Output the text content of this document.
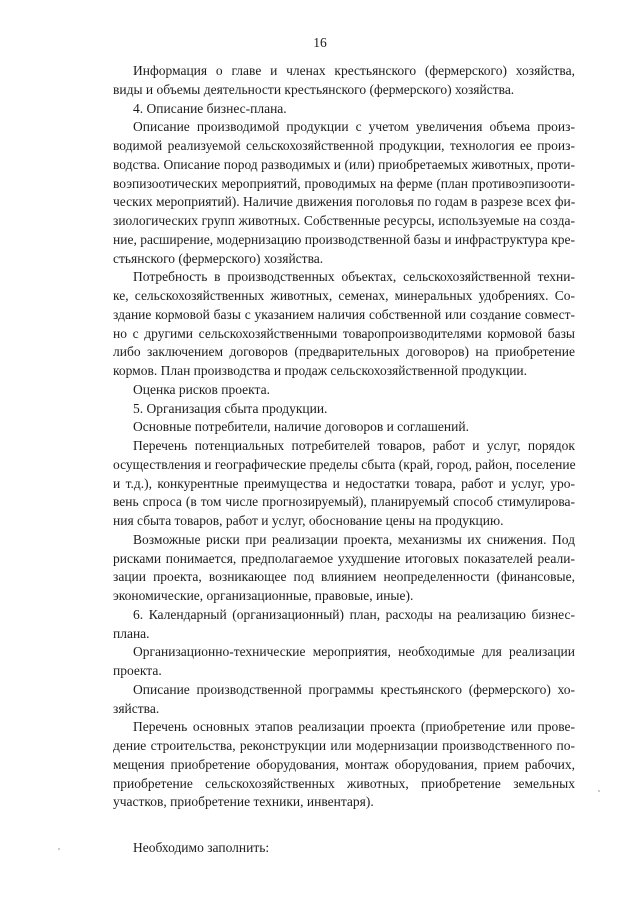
16
Информация о главе и членах крестьянского (фермерского) хозяйства,
виды и объемы деятельности крестьянского (фермерского) хозяйства.
4. Описание бизнес-плана.
Описание производимой продукции с учетом увеличения объема произ-
водимой реализуемой сельскохозяйственной продукции, технология ее произ-
водства. Описание пород разводимых и (или) приобретаемых животных, проти-
воэпизоотических мероприятий, проводимых на ферме (план противоэпизооти-
ческих мероприятий). Наличие движения поголовья по годам в разрезе всех фи-
зиологических групп животных. Собственные ресурсы, используемые на созда-
ние, расширение, модернизацию производственной базы и инфраструктура кре-
стьянского (фермерского) хозяйства.
Потребность в производственных объектах, сельскохозяйственной техни-
ке, сельскохозяйственных животных, семенах, минеральных удобрениях. Со-
здание кормовой базы с указанием наличия собственной или создание совмест-
но с другими сельскохозяйственными товаропроизводителями кормовой базы
либо заключением договоров (предварительных договоров) на приобретение
кормов. План производства и продаж сельскохозяйственной продукции.
Оценка рисков проекта.
5. Организация сбыта продукции.
Основные потребители, наличие договоров и соглашений.
Перечень потенциальных потребителей товаров, работ и услуг, порядок
осуществления и географические пределы сбыта (край, город, район, поселение
и т.д.), конкурентные преимущества и недостатки товара, работ и услуг, уро-
вень спроса (в том числе прогнозируемый), планируемый способ стимулирова-
ния сбыта товаров, работ и услуг, обоснование цены на продукцию.
Возможные риски при реализации проекта, механизмы их снижения. Под
рисками понимается, предполагаемое ухудшение итоговых показателей реали-
зации проекта, возникающее под влиянием неопределенности (финансовые,
экономические, организационные, правовые, иные).
6. Календарный (организационный) план, расходы на реализацию бизнес-
плана.
Организационно-технические мероприятия, необходимые для реализации
проекта.
Описание производственной программы крестьянского (фермерского) хо-
зяйства.
Перечень основных этапов реализации проекта (приобретение или прове-
дение строительства, реконструкции или модернизации производственного по-
мещения приобретение оборудования, монтаж оборудования, прием рабочих,
приобретение сельскохозяйственных животных, приобретение земельных
участков, приобретение техники, инвентаря).
Необходимо заполнить:
